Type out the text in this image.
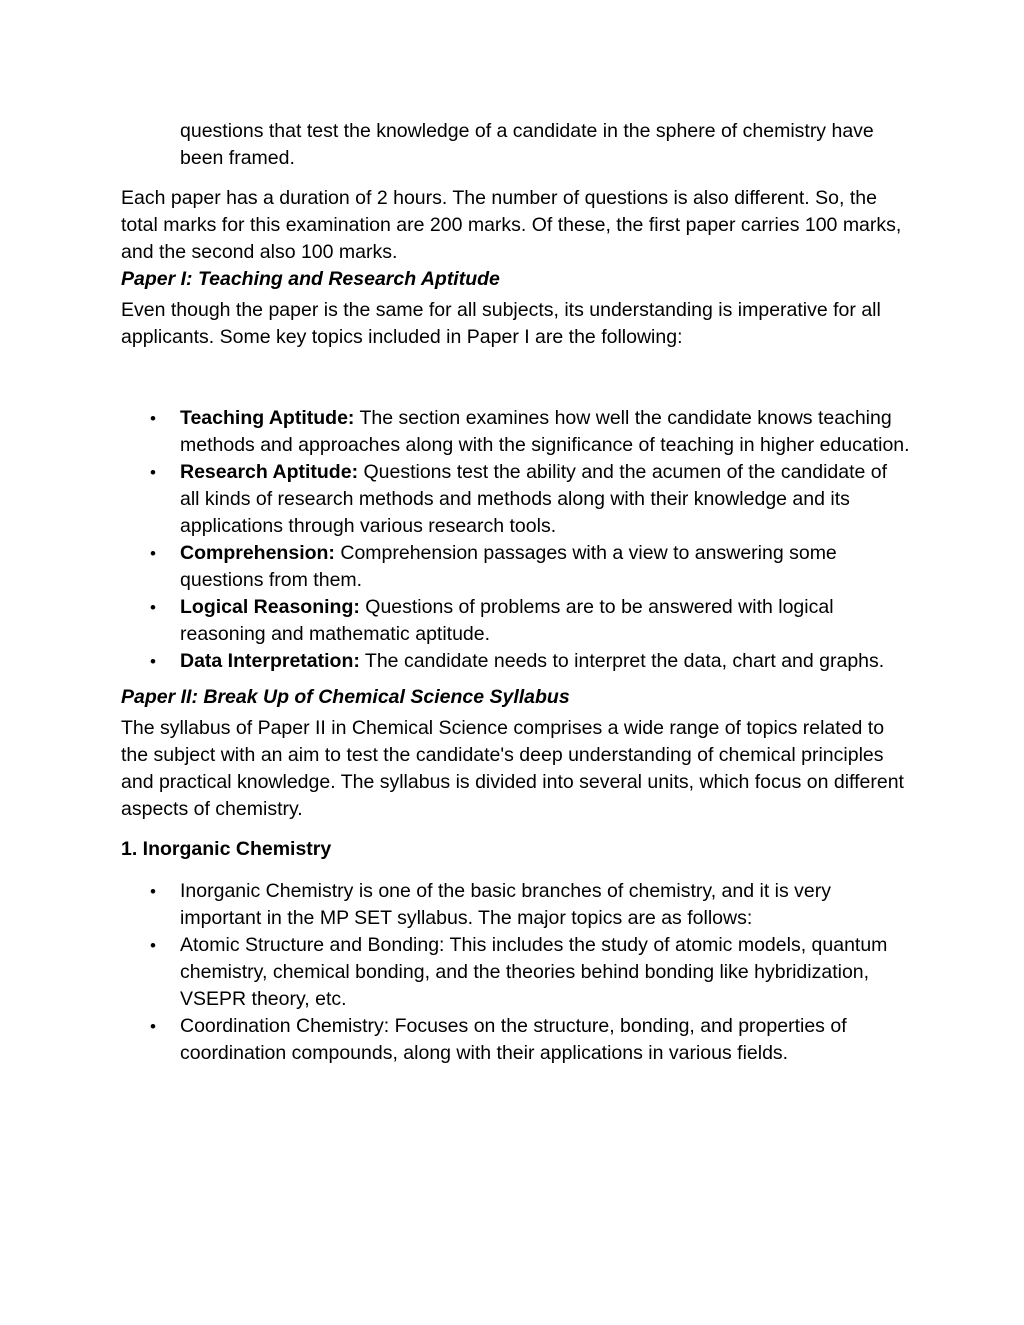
questions that test the knowledge of a candidate in the sphere of chemistry have been framed.

Each paper has a duration of 2 hours. The number of questions is also different. So, the total marks for this examination are 200 marks. Of these, the first paper carries 100 marks, and the second also 100 marks.

Paper I: Teaching and Research Aptitude

Even though the paper is the same for all subjects, its understanding is imperative for all applicants. Some key topics included in Paper I are the following:

• Teaching Aptitude: The section examines how well the candidate knows teaching methods and approaches along with the significance of teaching in higher education.
• Research Aptitude: Questions test the ability and the acumen of the candidate of all kinds of research methods and methods along with their knowledge and its applications through various research tools.
• Comprehension: Comprehension passages with a view to answering some questions from them.
• Logical Reasoning: Questions of problems are to be answered with logical reasoning and mathematic aptitude.
• Data Interpretation: The candidate needs to interpret the data, chart and graphs.

Paper II: Break Up of Chemical Science Syllabus

The syllabus of Paper II in Chemical Science comprises a wide range of topics related to the subject with an aim to test the candidate's deep understanding of chemical principles and practical knowledge. The syllabus is divided into several units, which focus on different aspects of chemistry.

1. Inorganic Chemistry

• Inorganic Chemistry is one of the basic branches of chemistry, and it is very important in the MP SET syllabus. The major topics are as follows:
• Atomic Structure and Bonding: This includes the study of atomic models, quantum chemistry, chemical bonding, and the theories behind bonding like hybridization, VSEPR theory, etc.
• Coordination Chemistry: Focuses on the structure, bonding, and properties of coordination compounds, along with their applications in various fields.
